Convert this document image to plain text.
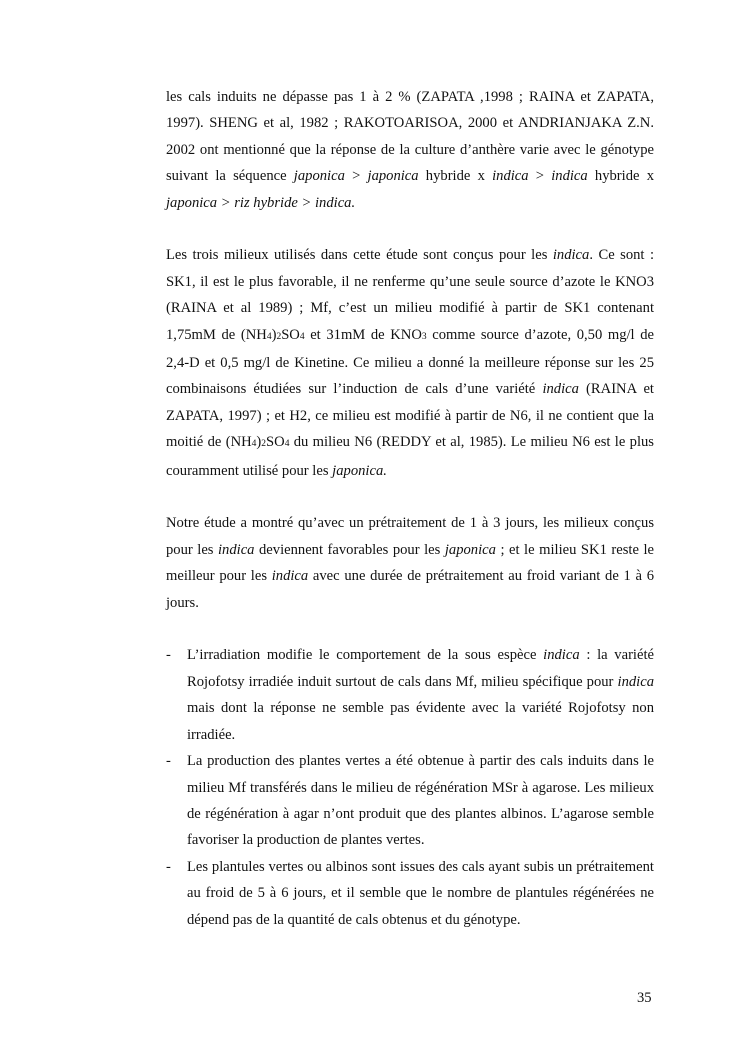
les cals induits ne dépasse pas 1 à 2 % (ZAPATA ,1998 ; RAINA et ZAPATA, 1997). SHENG et al, 1982 ; RAKOTOARISOA, 2000 et ANDRIANJAKA Z.N. 2002 ont mentionné que la réponse de la culture d’anthère varie avec le génotype suivant la séquence japonica > japonica hybride x indica > indica hybride x japonica > riz hybride > indica.

Les trois milieux utilisés dans cette étude sont conçus pour les indica. Ce sont : SK1, il est le plus favorable, il ne renferme qu’une seule source d’azote le KNO3 (RAINA et al 1989) ; Mf, c’est un milieu modifié à partir de SK1 contenant 1,75mM de (NH4)2SO4 et 31mM de KNO3 comme source d’azote, 0,50 mg/l de 2,4-D et 0,5 mg/l de Kinetine. Ce milieu a donné la meilleure réponse sur les 25 combinaisons étudiées sur l’induction de cals d’une variété indica (RAINA et ZAPATA, 1997) ; et H2, ce milieu est modifié à partir de N6, il ne contient que la moitié de (NH4)2SO4 du milieu N6 (REDDY et al, 1985). Le milieu N6 est le plus couramment utilisé pour les japonica.

Notre étude a montré qu’avec un prétraitement de 1 à 3 jours, les milieux conçus pour les indica deviennent favorables pour les japonica ; et le milieu SK1 reste le meilleur pour les indica avec une durée de prétraitement au froid variant de 1 à 6 jours.

- L’irradiation modifie le comportement de la sous espèce indica : la variété Rojofotsy irradiée induit surtout de cals dans Mf, milieu spécifique pour indica mais dont la réponse ne semble pas évidente avec la variété Rojofotsy non irradiée.
- La production des plantes vertes a été obtenue à partir des cals induits dans le milieu Mf transférés dans le milieu de régénération MSr à agarose. Les milieux de régénération à agar n’ont produit que des plantes albinos. L’agarose semble favoriser la production de plantes vertes.
- Les plantules vertes ou albinos sont issues des cals ayant subis un prétraitement au froid de 5 à 6 jours, et il semble que le nombre de plantules régénérées ne dépend pas de la quantité de cals obtenus et du génotype.
35
